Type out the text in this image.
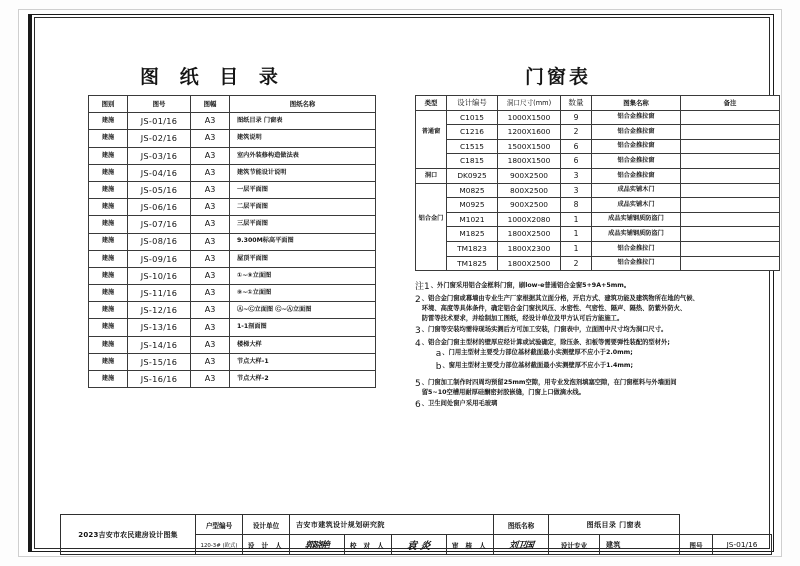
图 纸 目 录	门窗表
图别	图号	图幅	图纸名称
建施	JS-01/16	A3	图纸目录 门窗表
建施	JS-02/16	A3	建筑说明
建施	JS-03/16	A3	室内外装修构造做法表
建施	JS-04/16	A3	建筑节能设计说明
建施	JS-05/16	A3	一层平面图
建施	JS-06/16	A3	二层平面图
建施	JS-07/16	A3	三层平面图
建施	JS-08/16	A3	9.300M标高平面图
建施	JS-09/16	A3	屋顶平面图
建施	JS-10/16	A3	①~⑨立面图
建施	JS-11/16	A3	⑨~①立面图
建施	JS-12/16	A3	Ⓐ~Ⓒ立面图 Ⓒ~Ⓐ立面图
建施	JS-13/16	A3	1-1剖面图
建施	JS-14/16	A3	楼梯大样
建施	JS-15/16	A3	节点大样-1
建施	JS-16/16	A3	节点大样-2
类型	设计编号	洞口尺寸(mm)	数量	图集名称	备注
	C1015	1000X1500	9	铝合金推拉窗	
普通窗	C1216	1200X1600	2	铝合金推拉窗	
	C1515	1500X1500	6	铝合金推拉窗	
	C1815	1800X1500	6	铝合金推拉窗	
洞口	DK0925	900X2500	3	铝合金推拉窗	
	M0825	800X2500	3	成品实铺木门	
	M0925	900X2500	8	成品实铺木门	
铝合金门	M1021	1000X2080	1	成品实铺钢质防盗门	
	M1825	1800X2500	1	成品实铺钢质防盗门	
	TM1823	1800X2300	1	铝合金推拉门	
	TM1825	1800X2500	2	铝合金推拉门	
注1 、外门窗采用铝合金框料门窗，刷low-e普通铝合金窗5+9A+5mm。
2 、铝合金门窗或幕墙由专业生产厂家根据其立面分格，开启方式、建筑功能及建筑物所在地的气候、
环境、高度等具体条件，确定铝合金门窗抗风压、水密性、气密性、隔声、隔热、防紫外防火、
防雷等技术要求，并绘制加工图纸，经设计单位及甲方认可后方能施工。
3 、门窗等安装均需待现场实测后方可加工安装，门窗表中，立面图中尺寸均为洞口尺寸。
4 、铝合金门窗主型材的壁厚应经计算或试验确定，除压条、扣板等需要弹性装配的型材外;
a 、门用主型材主要受力部位基材截面最小实测壁厚不应小于2.0mm;
b 、窗用主型材主要受力部位基材截面最小实测壁厚不应小于1.4mm;
5 、门窗加工制作时四周均预留25mm空隙，用专业发泡剂填塞空隙，在门窗框料与外墙面间
留5~10空槽用耐厚硅酮密封胶嵌缝，门窗上口做滴水线。
6 、卫生间处窗户采用毛玻璃
2023吉安市农民建房设计图集	户型编号	设计单位	吉安市建筑设计规划研究院				图纸名称	图纸目录 门窗表			
	120-3# (欧式)	设 计 人	郭晓艳	校 对 人	袁 炎	审 核 人	刘卫国	设计专业	建筑	图号	JS-01/16
